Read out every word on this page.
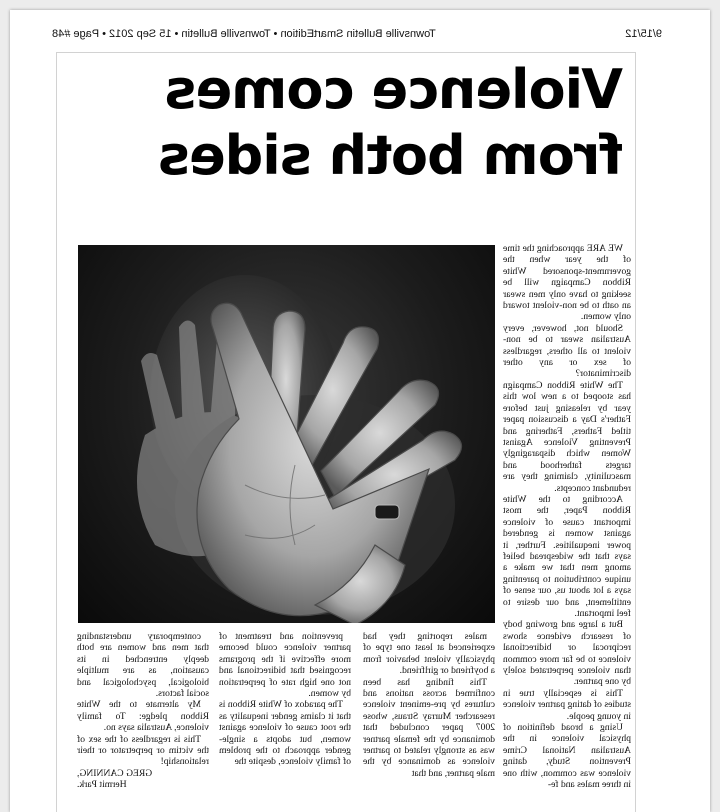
9/15/12
Townsville Bulletin SmartEdition • Townsville Bulletin • 15 Sep 2012 • Page #48
Violence comes
from both sides

WE ARE approaching the time of the year when the government-sponsored White Ribbon Campaign will be seeking to have only men swear an oath to be non-violent toward only women.

Should not, however, every Australian swear to be non-violent to all others, regardless of sex or any other discriminator?

The White Ribbon Campaign has stooped to a new low this year by releasing just before Father's Day a discussion paper titled Fathers, Fathering and Preventing Violence Against Women which disparagingly targets fatherhood and masculinity, claiming they are redundant concepts.

According to the White Ribbon Paper, the most important cause of violence against women is gendered power inequalities. Further, it says that the widespread belief among men that we make a unique contribution to parenting says a lot about us, our sense of entitlement, and our desire to feel important.

But a large and growing body of research evidence shows reciprocal or bidirectional violence to be far more common than violence perpetrated solely by one partner.

This is especially true in studies of dating partner violence in young people.

Using a broad definition of physical violence in the Australian National Crime Prevention Study, dating violence was common, with one in three males and fe-

males reporting they had experienced at least one type of physically violent behavior from a boyfriend or girlfriend.

This finding has been confirmed across nations and cultures by pre-eminent violence researcher Murray Straus, whose 2007 paper concluded that dominance by the female partner was as strongly related to partner violence as dominance by the male partner, and that

prevention and treatment of partner violence could become more effective if the programs recognised that bidirectional and not one high rate of perpetration by women.

The paradox of White Ribbon is that it claims gender inequality as the root cause of violence against women, but adopts a single-gender approach to the problem of family violence, despite the

contemporary understanding that men and women are both deeply entrenched in its causation, as are multiple biological, psychological and social factors.

My alternate to the White Ribbon pledge: To family violence, Australia says no.

This is regardless of the sex of the victim or perpetrator or their relationship!

GREG CANNING,

Hermit Park.
